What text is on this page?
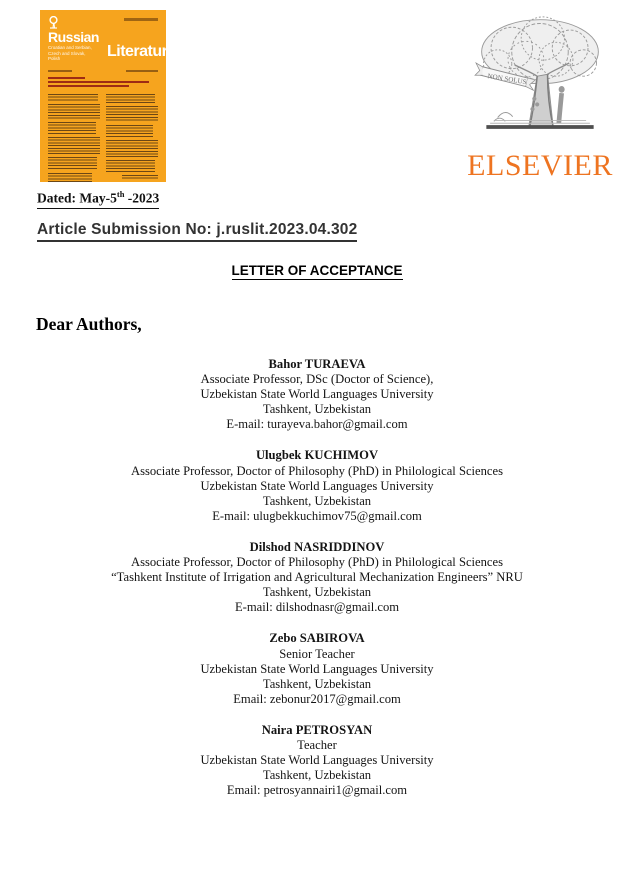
Russian
Croatian and Serbian,
Czech and Slovak,
Polish	Literature
NON SOLUS
ELSEVIER
Dated: May-5th -2023
Article Submission No: j.ruslit.2023.04.302
LETTER OF ACCEPTANCE
Dear Authors,
Bahor TURAEVA
Associate Professor, DSc (Doctor of Science),
Uzbekistan State World Languages University
Tashkent, Uzbekistan
E-mail: turayeva.bahor@gmail.com
Ulugbek KUCHIMOV
Associate Professor, Doctor of Philosophy (PhD) in Philological Sciences
Uzbekistan State World Languages University
Tashkent, Uzbekistan
E-mail: ulugbekkuchimov75@gmail.com
Dilshod NASRIDDINOV
Associate Professor, Doctor of Philosophy (PhD) in Philological Sciences
“Tashkent Institute of Irrigation and Agricultural Mechanization Engineers” NRU
Tashkent, Uzbekistan
E-mail: dilshodnasr@gmail.com
Zebo SABIROVA
Senior Teacher
Uzbekistan State World Languages University
Tashkent, Uzbekistan
Email: zebonur2017@gmail.com
Naira PETROSYAN
Teacher
Uzbekistan State World Languages University
Tashkent, Uzbekistan
Email: petrosyannairi1@gmail.com
